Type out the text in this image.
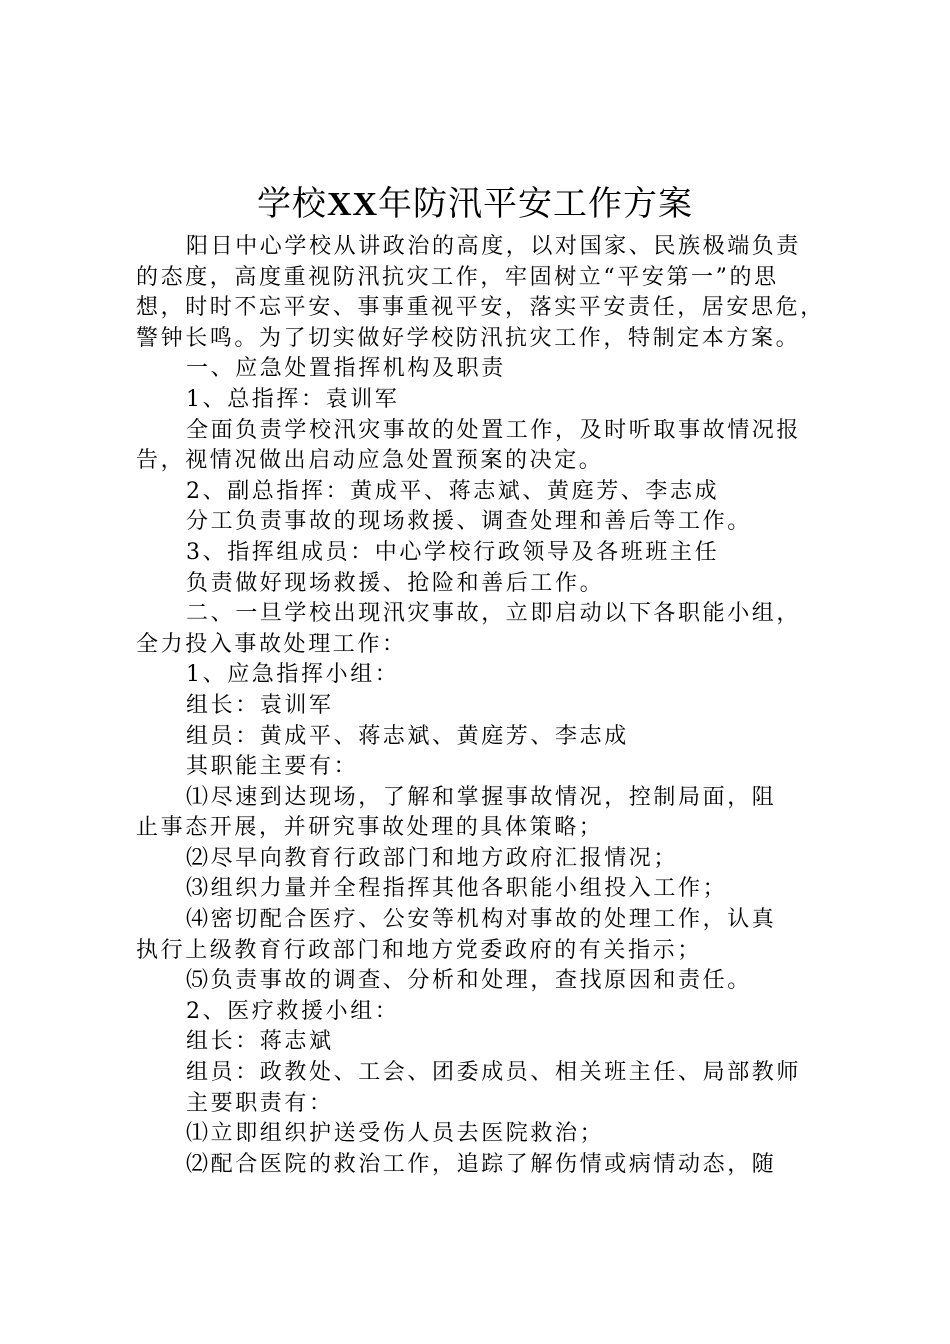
学校XX年防汛平安工作方案
阳日中心学校从讲政治的高度，以对国家、民族极端负责
的态度，高度重视防汛抗灾工作，牢固树立“平安第一”的思
想，时时不忘平安、事事重视平安，落实平安责任，居安思危，
警钟长鸣。为了切实做好学校防汛抗灾工作，特制定本方案。
一、应急处置指挥机构及职责
1、总指挥：袁训军
全面负责学校汛灾事故的处置工作，及时听取事故情况报
告，视情况做出启动应急处置预案的决定。
2、副总指挥：黄成平、蒋志斌、黄庭芳、李志成
分工负责事故的现场救援、调查处理和善后等工作。
3、指挥组成员：中心学校行政领导及各班班主任
负责做好现场救援、抢险和善后工作。
二、一旦学校出现汛灾事故，立即启动以下各职能小组，
全力投入事故处理工作：
1、应急指挥小组：
组长：袁训军
组员：黄成平、蒋志斌、黄庭芳、李志成
其职能主要有：
⑴尽速到达现场，了解和掌握事故情况，控制局面，阻
止事态开展，并研究事故处理的具体策略；
⑵尽早向教育行政部门和地方政府汇报情况；
⑶组织力量并全程指挥其他各职能小组投入工作；
⑷密切配合医疗、公安等机构对事故的处理工作，认真
执行上级教育行政部门和地方党委政府的有关指示；
⑸负责事故的调查、分析和处理，查找原因和责任。
2、医疗救援小组：
组长：蒋志斌
组员：政教处、工会、团委成员、相关班主任、局部教师
主要职责有：
⑴立即组织护送受伤人员去医院救治；
⑵配合医院的救治工作，追踪了解伤情或病情动态，随
